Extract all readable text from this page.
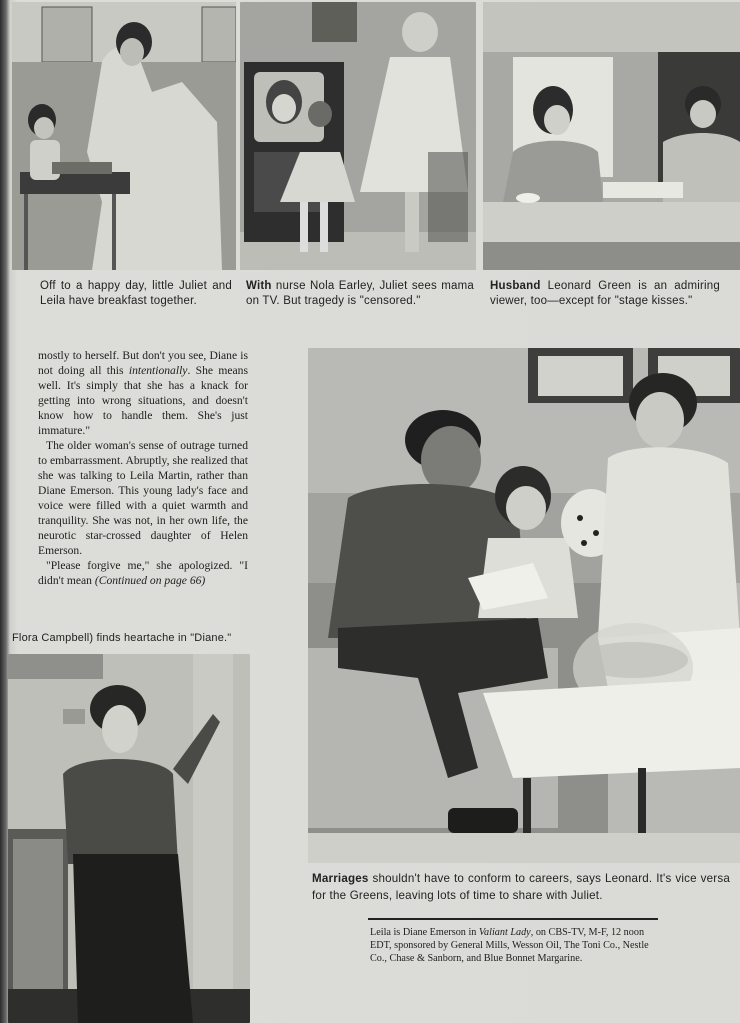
Off to a happy day, little Juliet and Leila have breakfast together.
With nurse Nola Earley, Juliet sees mama on TV. But tragedy is "censored."
Husband Leonard Green is an admiring viewer, too—except for "stage kisses."

mostly to herself. But don't you see, Diane is not doing all this intentionally. She means well. It's simply that she has a knack for getting into wrong situations, and doesn't know how to handle them. She's just immature."

The older woman's sense of outrage turned to embarrassment. Abruptly, she realized that she was talking to Leila Martin, rather than Diane Emerson. This young lady's face and voice were filled with a quiet warmth and tranquility. She was not, in her own life, the neurotic star-crossed daughter of Helen Emerson.

"Please forgive me," she apologized. "I didn't mean (Continued on page 66)

Flora Campbell) finds heartache in "Diane."
Marriages shouldn't have to conform to careers, says Leonard. It's vice versa for the Greens, leaving lots of time to share with Juliet.
Leila is Diane Emerson in Valiant Lady, on CBS-TV, M-F, 12 noon EDT, sponsored by General Mills, Wesson Oil, The Toni Co., Nestle Co., Chase & Sanborn, and Blue Bonnet Margarine.
